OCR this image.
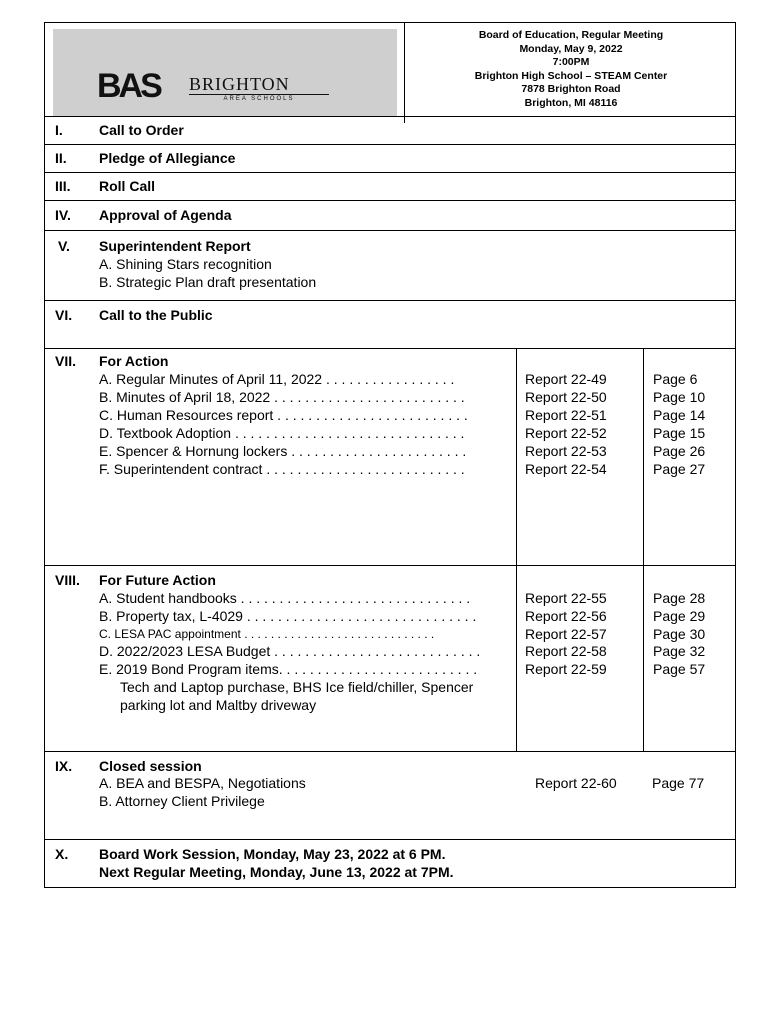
BAS BRIGHTON
AREA SCHOOLS
Board of Education, Regular Meeting
Monday, May 9, 2022
7:00PM
Brighton High School – STEAM Center
7878 Brighton Road
Brighton, MI 48116
I.	Call to Order
II. Pledge of Allegiance
III. Roll Call
IV. Approval of Agenda
V. Superintendent Report
A. Shining Stars recognition
B. Strategic Plan draft presentation
VI. Call to the Public
VII. For Action
A. Regular Minutes of April 11, 2022 . . . . . . . . . . . . . . . . .
B. Minutes of April 18, 2022 . . . . . . . . . . . . . . . . . . . . . . . . .
C. Human Resources report . . . . . . . . . . . . . . . . . . . . . . . . .
D. Textbook Adoption . . . . . . . . . . . . . . . . . . . . . . . . . . . . . .
E. Spencer & Hornung lockers . . . . . . . . . . . . . . . . . . . . . . .
F. Superintendent contract . . . . . . . . . . . . . . . . . . . . . . . . . .
Report 22-49
Report 22-50
Report 22-51
Report 22-52
Report 22-53
Report 22-54
Page 6
Page 10
Page 14
Page 15
Page 26
Page 27
VIII. For Future Action
A. Student handbooks . . . . . . . . . . . . . . . . . . . . . . . . . . . . . .
B. Property tax, L-4029 . . . . . . . . . . . . . . . . . . . . . . . . . . . . . .
C. LESA PAC appointment . . . . . . . . . . . . . . . . . . . . . . . . . . . . .
D. 2022/2023 LESA Budget . . . . . . . . . . . . . . . . . . . . . . . . . . .
E. 2019 Bond Program items. . . . . . . . . . . . . . . . . . . . . . . . . .
Tech and Laptop purchase, BHS Ice field/chiller, Spencer
parking lot and Maltby driveway
Report 22-55
Report 22-56
Report 22-57
Report 22-58
Report 22-59
Page 28
Page 29
Page 30
Page 32
Page 57
IX. Closed session
A. BEA and BESPA, Negotiations
B. Attorney Client Privilege
Report 22-60	Page 77
X. Board Work Session, Monday, May 23, 2022 at 6 PM.
Next Regular Meeting, Monday, June 13, 2022 at 7PM.
